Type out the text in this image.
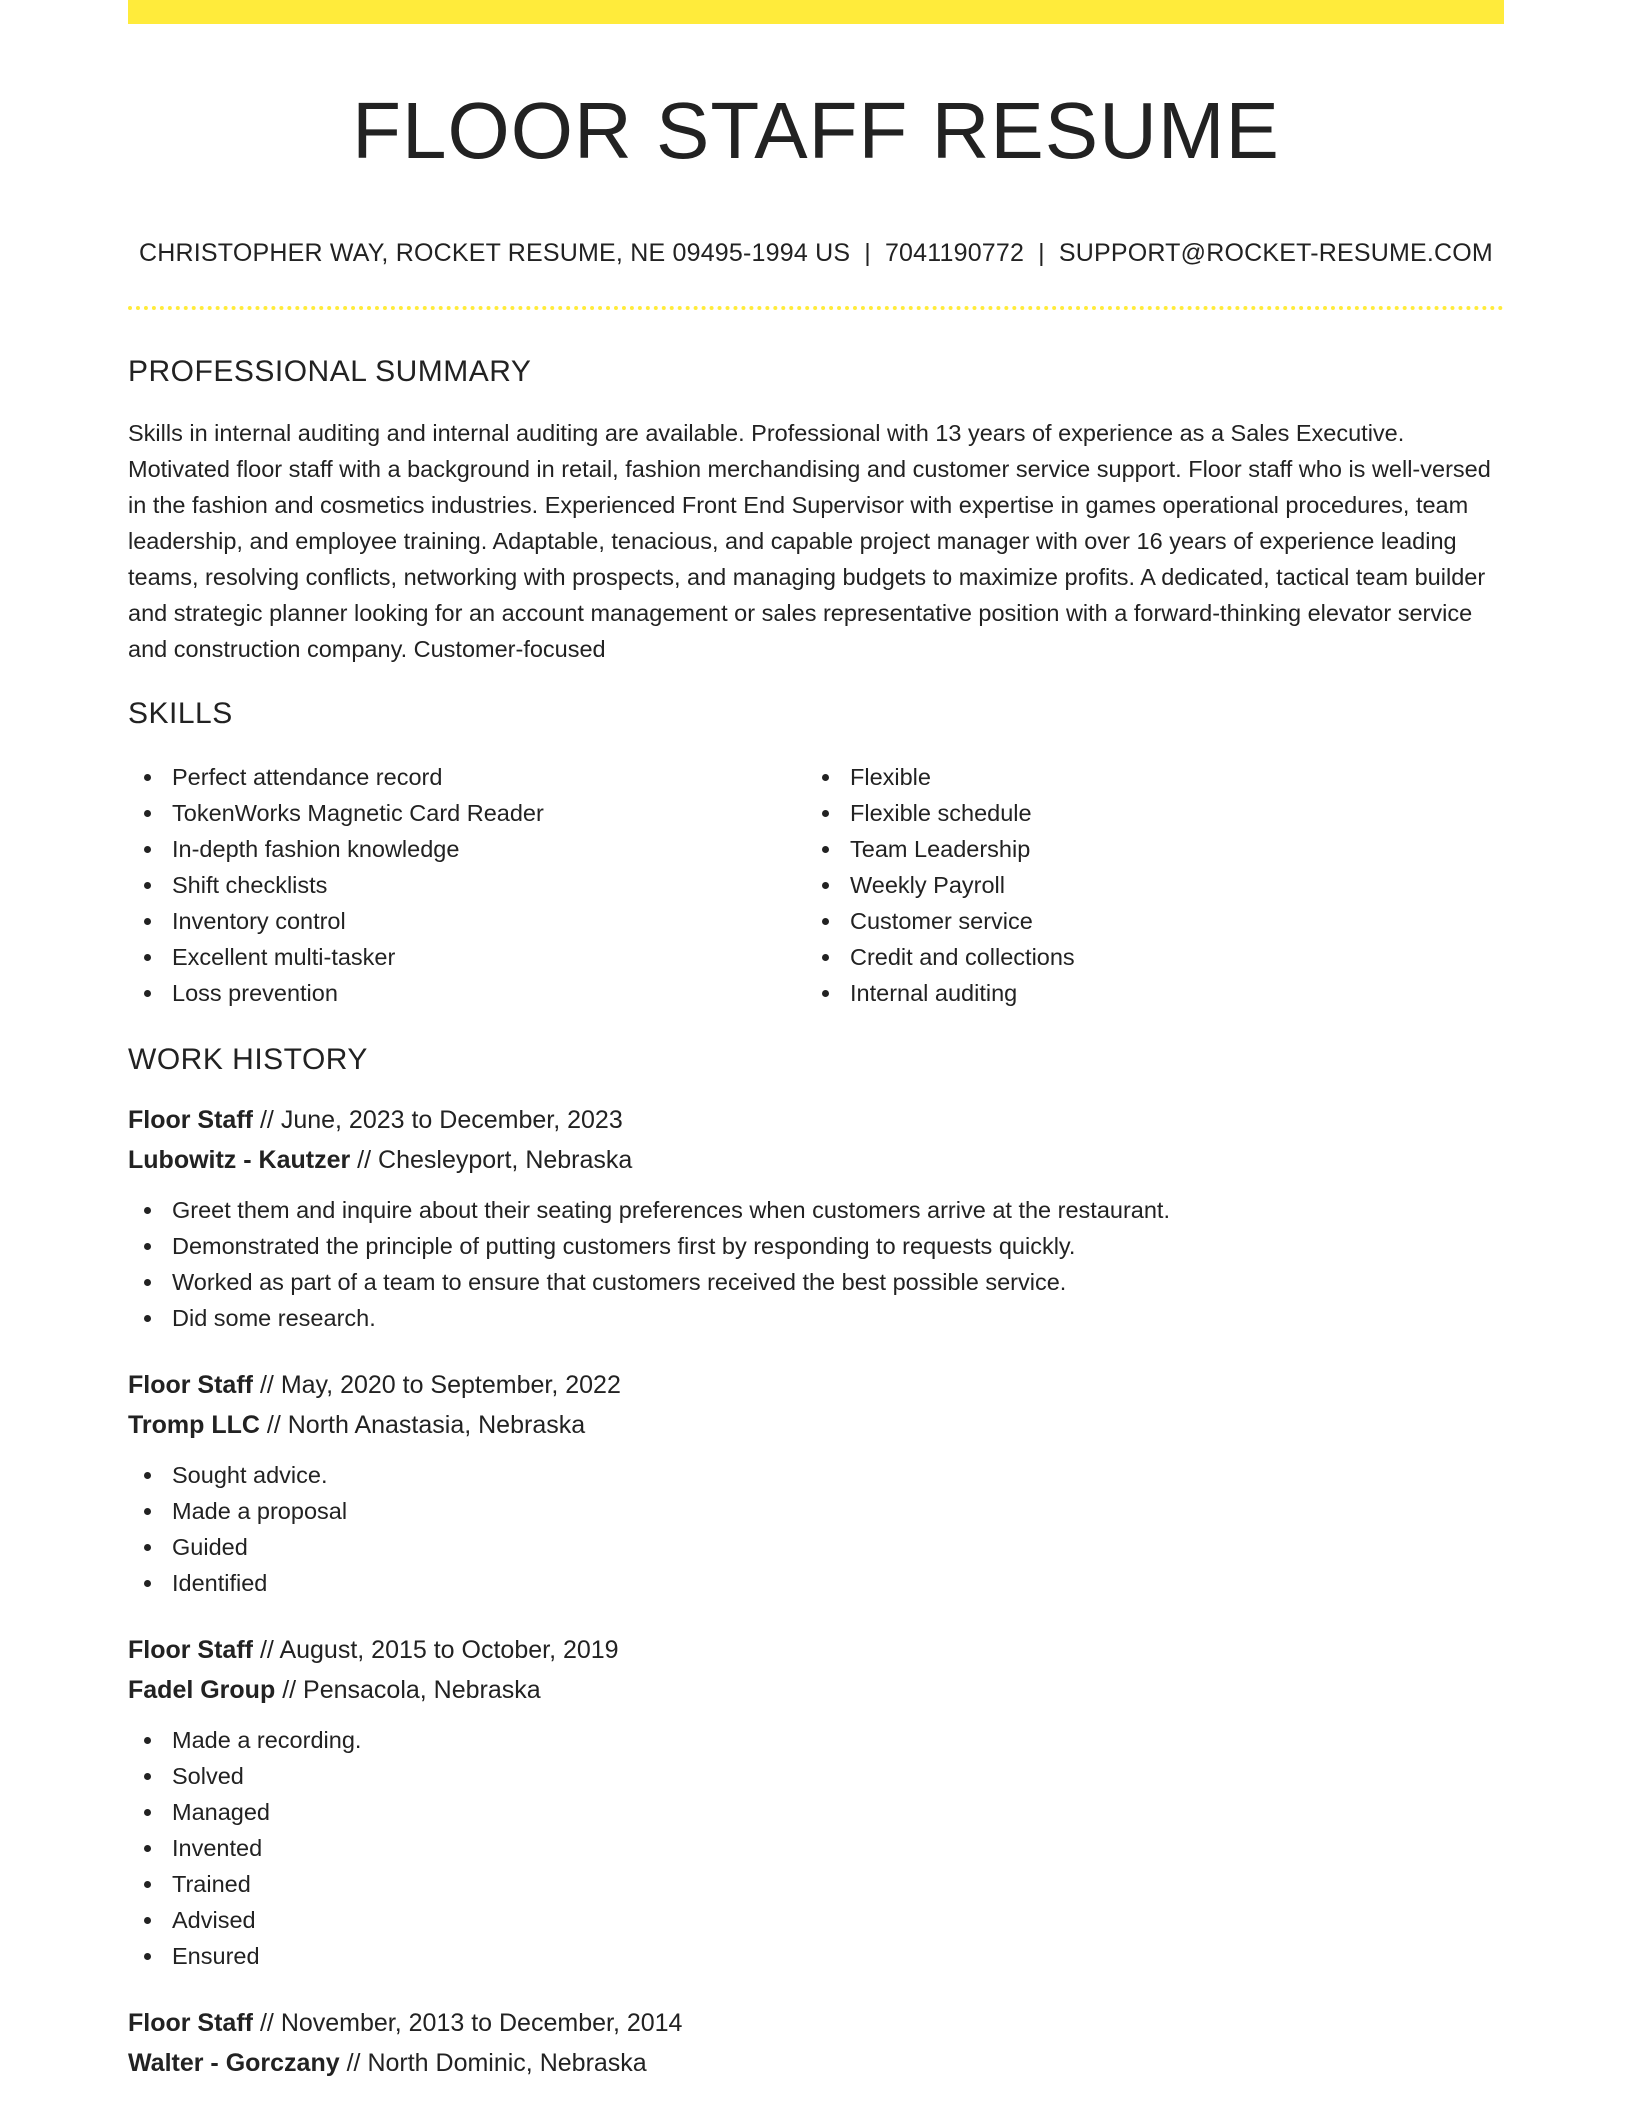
FLOOR STAFF RESUME
CHRISTOPHER WAY, ROCKET RESUME, NE 09495-1994 US | 7041190772 | SUPPORT@ROCKET-RESUME.COM
PROFESSIONAL SUMMARY

Skills in internal auditing and internal auditing are available. Professional with 13 years of experience as a Sales Executive. Motivated floor staff with a background in retail, fashion merchandising and customer service support. Floor staff who is well-versed in the fashion and cosmetics industries. Experienced Front End Supervisor with expertise in games operational procedures, team leadership, and employee training. Adaptable, tenacious, and capable project manager with over 16 years of experience leading teams, resolving conflicts, networking with prospects, and managing budgets to maximize profits. A dedicated, tactical team builder and strategic planner looking for an account management or sales representative position with a forward-thinking elevator service and construction company. Customer-focused

SKILLS
Perfect attendance record
TokenWorks Magnetic Card Reader
In-depth fashion knowledge
Shift checklists
Inventory control
Excellent multi-tasker
Loss prevention
Flexible
Flexible schedule
Team Leadership
Weekly Payroll
Customer service
Credit and collections
Internal auditing
WORK HISTORY
Floor Staff // June, 2023 to December, 2023
Lubowitz - Kautzer // Chesleyport, Nebraska
Greet them and inquire about their seating preferences when customers arrive at the restaurant.
Demonstrated the principle of putting customers first by responding to requests quickly.
Worked as part of a team to ensure that customers received the best possible service.
Did some research.
Floor Staff // May, 2020 to September, 2022
Tromp LLC // North Anastasia, Nebraska
Sought advice.
Made a proposal
Guided
Identified
Floor Staff // August, 2015 to October, 2019
Fadel Group // Pensacola, Nebraska
Made a recording.
Solved
Managed
Invented
Trained
Advised
Ensured
Floor Staff // November, 2013 to December, 2014
Walter - Gorczany // North Dominic, Nebraska
